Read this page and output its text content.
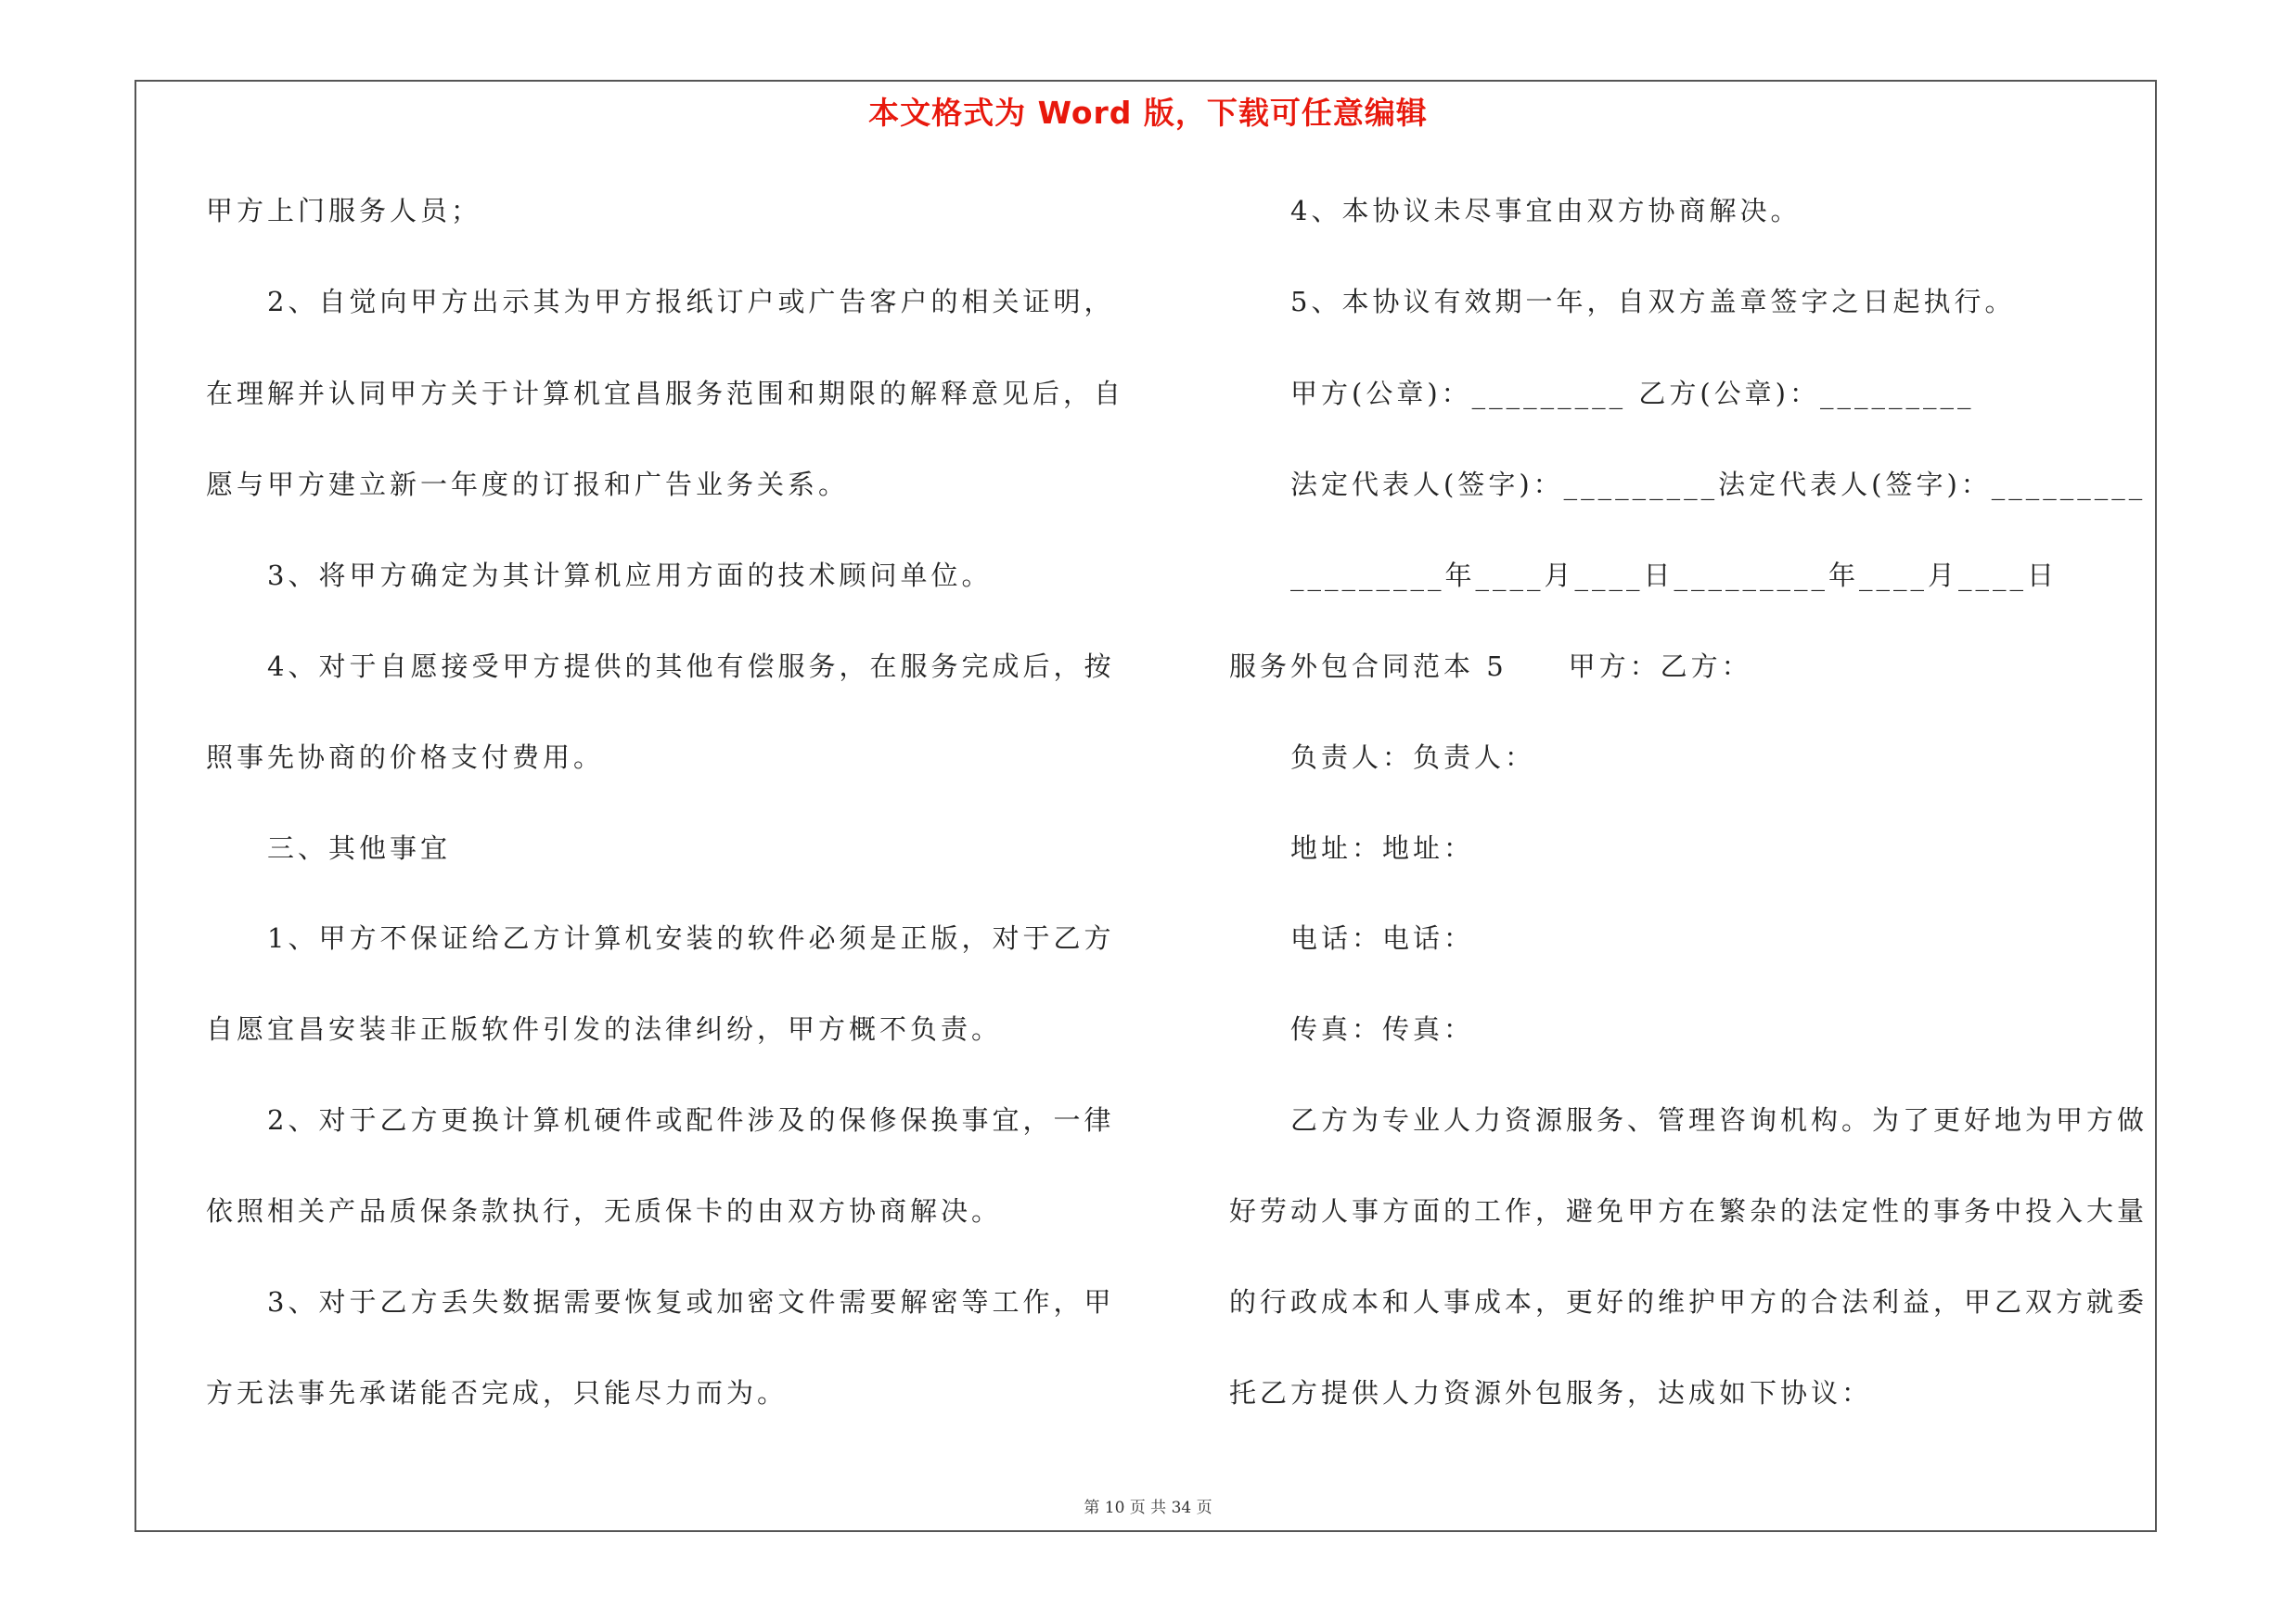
本文格式为 Word 版，下载可任意编辑
甲方上门服务人员；
2、自觉向甲方出示其为甲方报纸订户或广告客户的相关证明，
在理解并认同甲方关于计算机宜昌服务范围和期限的解释意见后，自
愿与甲方建立新一年度的订报和广告业务关系。
3、将甲方确定为其计算机应用方面的技术顾问单位。
4、对于自愿接受甲方提供的其他有偿服务，在服务完成后，按
照事先协商的价格支付费用。
三、其他事宜
1、甲方不保证给乙方计算机安装的软件必须是正版，对于乙方
自愿宜昌安装非正版软件引发的法律纠纷，甲方概不负责。
2、对于乙方更换计算机硬件或配件涉及的保修保换事宜，一律
依照相关产品质保条款执行，无质保卡的由双方协商解决。
3、对于乙方丢失数据需要恢复或加密文件需要解密等工作，甲
方无法事先承诺能否完成，只能尽力而为。
4、本协议未尽事宜由双方协商解决。
5、本协议有效期一年，自双方盖章签字之日起执行。
甲方(公章)：_________ 乙方(公章)：_________
法定代表人(签字)：_________法定代表人(签字)：_________
_________年____月____日_________年____月____日
服务外包合同范本 5　　甲方：乙方：
负责人：负责人：
地址：地址：
电话：电话：
传真：传真：
乙方为专业人力资源服务、管理咨询机构。为了更好地为甲方做
好劳动人事方面的工作，避免甲方在繁杂的法定性的事务中投入大量
的行政成本和人事成本，更好的维护甲方的合法利益，甲乙双方就委
托乙方提供人力资源外包服务，达成如下协议：
第 10 页 共 34 页
